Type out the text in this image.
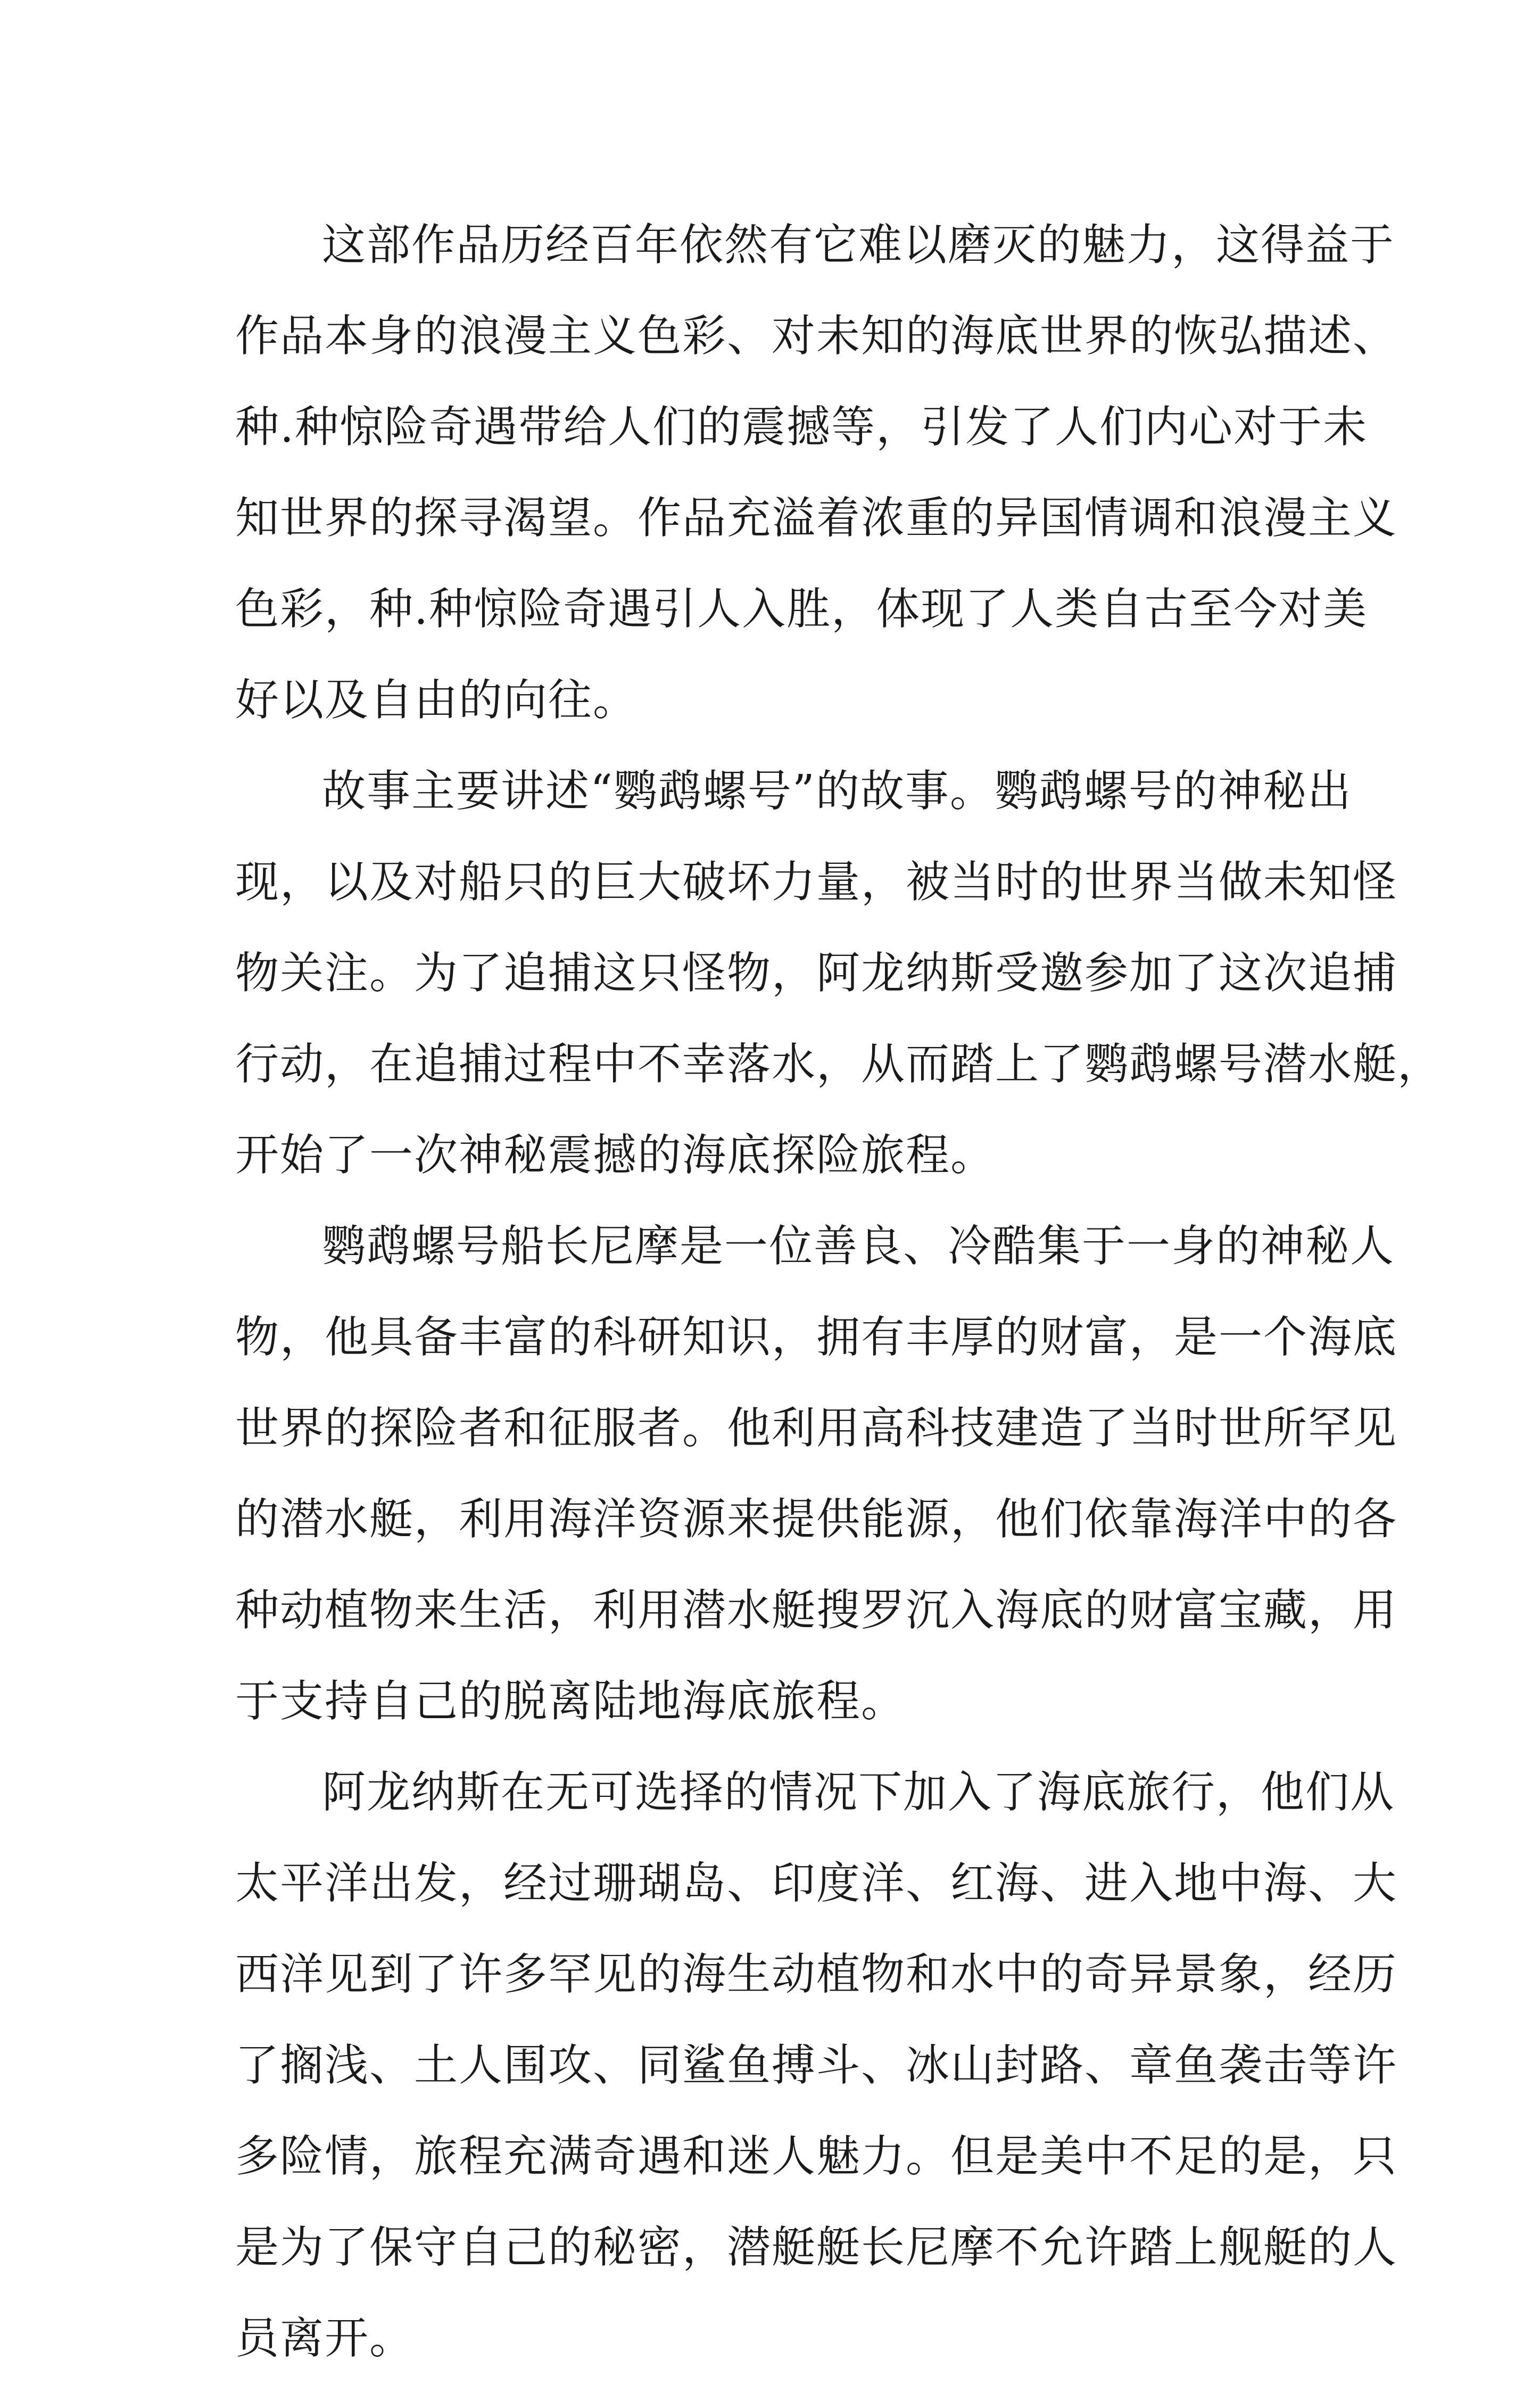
这部作品历经百年依然有它难以磨灭的魅力，这得益于
作品本身的浪漫主义色彩、对未知的海底世界的恢弘描述、
种.种惊险奇遇带给人们的震撼等，引发了人们内心对于未
知世界的探寻渴望。作品充溢着浓重的异国情调和浪漫主义
色彩，种.种惊险奇遇引人入胜，体现了人类自古至今对美
好以及自由的向往。
故事主要讲述“鹦鹉螺号”的故事。鹦鹉螺号的神秘出
现，以及对船只的巨大破坏力量，被当时的世界当做未知怪
物关注。为了追捕这只怪物，阿龙纳斯受邀参加了这次追捕
行动，在追捕过程中不幸落水，从而踏上了鹦鹉螺号潜水艇，
开始了一次神秘震撼的海底探险旅程。
鹦鹉螺号船长尼摩是一位善良、冷酷集于一身的神秘人
物，他具备丰富的科研知识，拥有丰厚的财富，是一个海底
世界的探险者和征服者。他利用高科技建造了当时世所罕见
的潜水艇，利用海洋资源来提供能源，他们依靠海洋中的各
种动植物来生活，利用潜水艇搜罗沉入海底的财富宝藏，用
于支持自己的脱离陆地海底旅程。
阿龙纳斯在无可选择的情况下加入了海底旅行，他们从
太平洋出发，经过珊瑚岛、印度洋、红海、进入地中海、大
西洋见到了许多罕见的海生动植物和水中的奇异景象，经历
了搁浅、土人围攻、同鲨鱼搏斗、冰山封路、章鱼袭击等许
多险情，旅程充满奇遇和迷人魅力。但是美中不足的是，只
是为了保守自己的秘密，潜艇艇长尼摩不允许踏上舰艇的人
员离开。
